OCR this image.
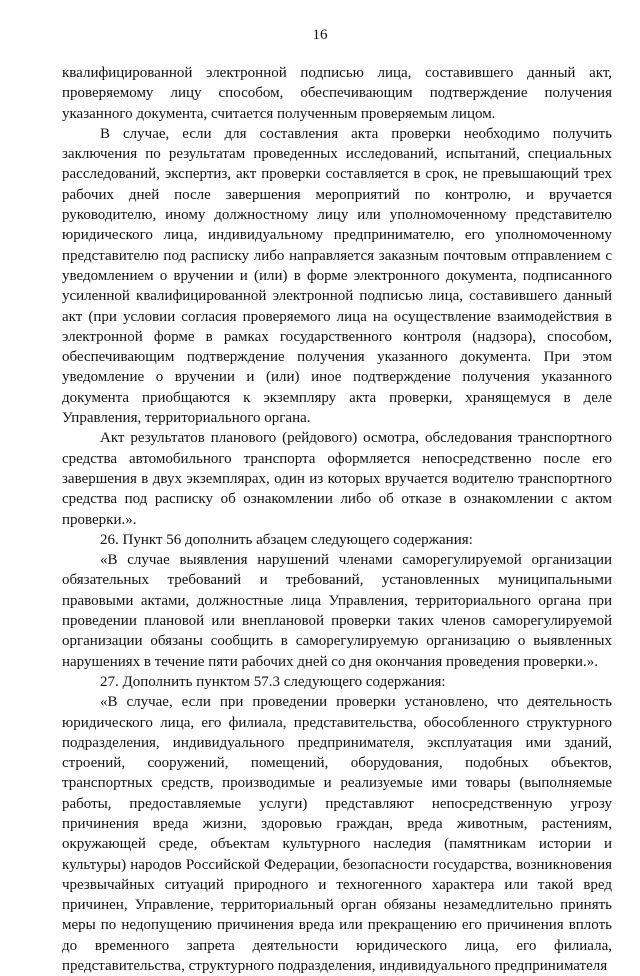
16

квалифицированной электронной подписью лица, составившего данный акт, проверяемому лицу способом, обеспечивающим подтверждение получения указанного документа, считается полученным проверяемым лицом.

В случае, если для составления акта проверки необходимо получить заключения по результатам проведенных исследований, испытаний, специальных расследований, экспертиз, акт проверки составляется в срок, не превышающий трех рабочих дней после завершения мероприятий по контролю, и вручается руководителю, иному должностному лицу или уполномоченному представителю юридического лица, индивидуальному предпринимателю, его уполномоченному представителю под расписку либо направляется заказным почтовым отправлением с уведомлением о вручении и (или) в форме электронного документа, подписанного усиленной квалифицированной электронной подписью лица, составившего данный акт (при условии согласия проверяемого лица на осуществление взаимодействия в электронной форме в рамках государственного контроля (надзора), способом, обеспечивающим подтверждение получения указанного документа. При этом уведомление о вручении и (или) иное подтверждение получения указанного документа приобщаются к экземпляру акта проверки, хранящемуся в деле Управления, территориального органа.

Акт результатов планового (рейдового) осмотра, обследования транспортного средства автомобильного транспорта оформляется непосредственно после его завершения в двух экземплярах, один из которых вручается водителю транспортного средства под расписку об ознакомлении либо об отказе в ознакомлении с актом проверки.».

26. Пункт 56 дополнить абзацем следующего содержания:

«В случае выявления нарушений членами саморегулируемой организации обязательных требований и требований, установленных муниципальными правовыми актами, должностные лица Управления, территориального органа при проведении плановой или внеплановой проверки таких членов саморегулируемой организации обязаны сообщить в саморегулируемую организацию о выявленных нарушениях в течение пяти рабочих дней со дня окончания проведения проверки.».

27. Дополнить пунктом 57.3 следующего содержания:

«В случае, если при проведении проверки установлено, что деятельность юридического лица, его филиала, представительства, обособленного структурного подразделения, индивидуального предпринимателя, эксплуатация ими зданий, строений, сооружений, помещений, оборудования, подобных объектов, транспортных средств, производимые и реализуемые ими товары (выполняемые работы, предоставляемые услуги) представляют непосредственную угрозу причинения вреда жизни, здоровью граждан, вреда животным, растениям, окружающей среде, объектам культурного наследия (памятникам истории и культуры) народов Российской Федерации, безопасности государства, возникновения чрезвычайных ситуаций природного и техногенного характера или такой вред причинен, Управление, территориальный орган обязаны незамедлительно принять меры по недопущению причинения вреда или прекращению его причинения вплоть до временного запрета деятельности юридического лица, его филиала, представительства, структурного подразделения, индивидуального предпринимателя
